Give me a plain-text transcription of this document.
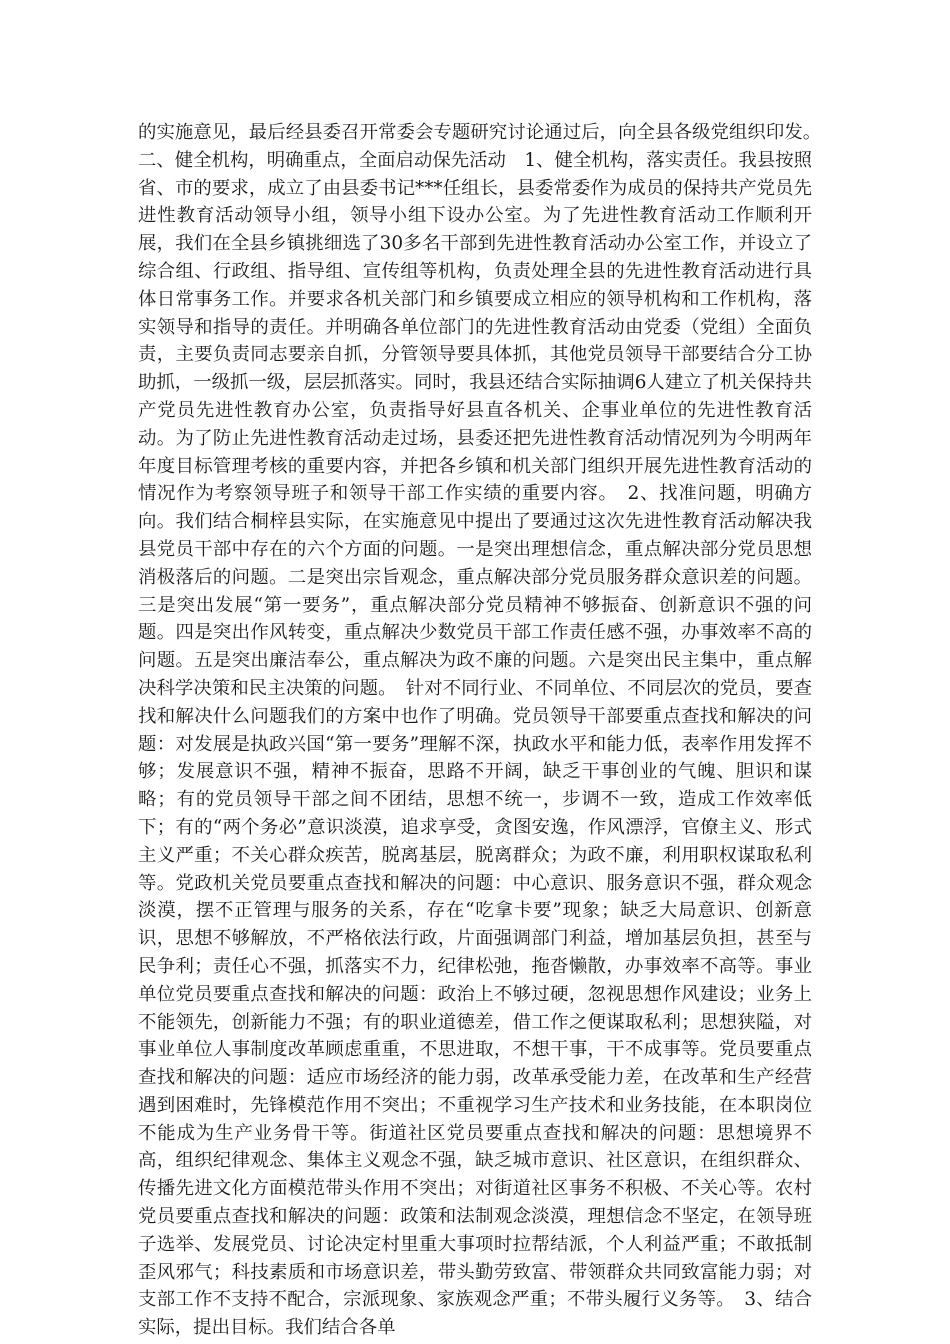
的实施意见，最后经县委召开常委会专题研究讨论通过后，向全县各级党组织印发。　二、健全机构，明确重点，全面启动保先活动　1、健全机构，落实责任。我县按照省、市的要求，成立了由县委书记***任组长，县委常委作为成员的保持共产党员先进性教育活动领导小组，领导小组下设办公室。为了先进性教育活动工作顺利开展，我们在全县乡镇挑细选了30多名干部到先进性教育活动办公室工作，并设立了综合组、行政组、指导组、宣传组等机构，负责处理全县的先进性教育活动进行具体日常事务工作。并要求各机关部门和乡镇要成立相应的领导机构和工作机构，落实领导和指导的责任。并明确各单位部门的先进性教育活动由党委（党组）全面负责，主要负责同志要亲自抓，分管领导要具体抓，其他党员领导干部要结合分工协助抓，一级抓一级，层层抓落实。同时，我县还结合实际抽调6人建立了机关保持共产党员先进性教育办公室，负责指导好县直各机关、企事业单位的先进性教育活动。为了防止先进性教育活动走过场，县委还把先进性教育活动情况列为今明两年年度目标管理考核的重要内容，并把各乡镇和机关部门组织开展先进性教育活动的情况作为考察领导班子和领导干部工作实绩的重要内容。　2、找准问题，明确方向。我们结合桐梓县实际，在实施意见中提出了要通过这次先进性教育活动解决我县党员干部中存在的六个方面的问题。一是突出理想信念，重点解决部分党员思想消极落后的问题。二是突出宗旨观念，重点解决部分党员服务群众意识差的问题。三是突出发展“第一要务”，重点解决部分党员精神不够振奋、创新意识不强的问题。四是突出作风转变，重点解决少数党员干部工作责任感不强，办事效率不高的问题。五是突出廉洁奉公，重点解决为政不廉的问题。六是突出民主集中，重点解决科学决策和民主决策的问题。　针对不同行业、不同单位、不同层次的党员，要查找和解决什么问题我们的方案中也作了明确。党员领导干部要重点查找和解决的问题：对发展是执政兴国“第一要务”理解不深，执政水平和能力低，表率作用发挥不够；发展意识不强，精神不振奋，思路不开阔，缺乏干事创业的气魄、胆识和谋略；有的党员领导干部之间不团结，思想不统一，步调不一致，造成工作效率低下；有的“两个务必”意识淡漠，追求享受，贪图安逸，作风漂浮，官僚主义、形式主义严重；不关心群众疾苦，脱离基层，脱离群众；为政不廉，利用职权谋取私利等。党政机关党员要重点查找和解决的问题：中心意识、服务意识不强，群众观念淡漠，摆不正管理与服务的关系，存在“吃拿卡要”现象；缺乏大局意识、创新意识，思想不够解放，不严格依法行政，片面强调部门利益，增加基层负担，甚至与民争利；责任心不强，抓落实不力，纪律松弛，拖沓懒散，办事效率不高等。事业单位党员要重点查找和解决的问题：政治上不够过硬，忽视思想作风建设；业务上不能领先，创新能力不强；有的职业道德差，借工作之便谋取私利；思想狭隘，对事业单位人事制度改革顾虑重重，不思进取，不想干事，干不成事等。党员要重点查找和解决的问题：适应市场经济的能力弱，改革承受能力差，在改革和生产经营遇到困难时，先锋模范作用不突出；不重视学习生产技术和业务技能，在本职岗位不能成为生产业务骨干等。街道社区党员要重点查找和解决的问题：思想境界不高，组织纪律观念、集体主义观念不强，缺乏城市意识、社区意识，在组织群众、传播先进文化方面模范带头作用不突出；对街道社区事务不积极、不关心等。农村党员要重点查找和解决的问题：政策和法制观念淡漠，理想信念不坚定，在领导班子选举、发展党员、讨论决定村里重大事项时拉帮结派，个人利益严重；不敢抵制歪风邪气；科技素质和市场意识差，带头勤劳致富、带领群众共同致富能力弱；对支部工作不支持不配合，宗派现象、家族观念严重；不带头履行义务等。　3、结合实际，提出目标。我们结合各单
